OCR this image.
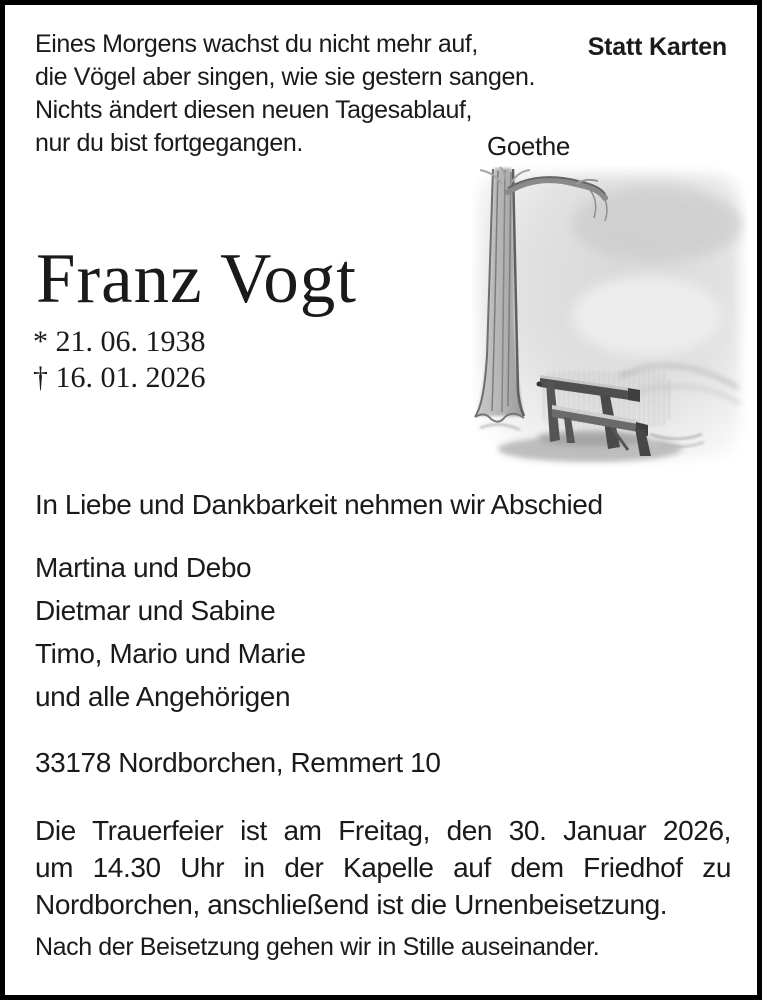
Eines Morgens wachst du nicht mehr auf,
die Vögel aber singen, wie sie gestern sangen.
Nichts ändert diesen neuen Tagesablauf,
nur du bist fortgegangen.
Statt Karten
Goethe
Franz Vogt
* 21. 06. 1938
† 16. 01. 2026
In Liebe und Dankbarkeit nehmen wir Abschied
Martina und Debo
Dietmar und Sabine
Timo, Mario und Marie
und alle Angehörigen
33178 Nordborchen, Remmert 10
Die Trauerfeier ist am Freitag, den 30. Januar 2026,
um 14.30 Uhr in der Kapelle auf dem Friedhof zu
Nordborchen, anschließend ist die Urnenbeisetzung.
Nach der Beisetzung gehen wir in Stille auseinander.
